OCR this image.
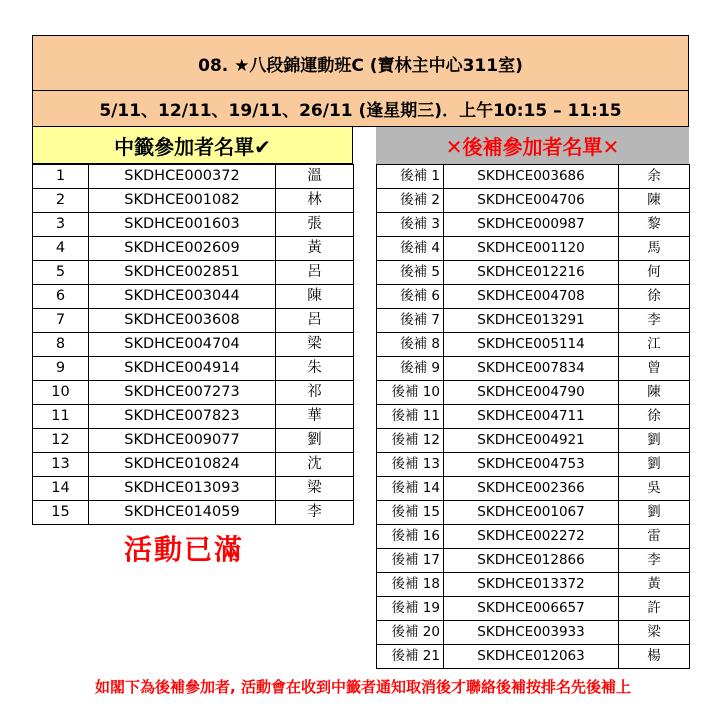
08. ★八段錦運動班C (寶林主中心311室)
5/11、12/11、19/11、26/11 (逢星期三)．上午10:15 – 11:15
中籤參加者名單✔	✕後補參加者名單✕
1	SKDHCE000372	溫
2	SKDHCE001082	林
3	SKDHCE001603	張
4	SKDHCE002609	黃
5	SKDHCE002851	呂
6	SKDHCE003044	陳
7	SKDHCE003608	呂
8	SKDHCE004704	梁
9	SKDHCE004914	朱
10	SKDHCE007273	祁
11	SKDHCE007823	華
12	SKDHCE009077	劉
13	SKDHCE010824	沈
14	SKDHCE013093	梁
15	SKDHCE014059	李
後補 1	SKDHCE003686	余
後補 2	SKDHCE004706	陳
後補 3	SKDHCE000987	黎
後補 4	SKDHCE001120	馬
後補 5	SKDHCE012216	何
後補 6	SKDHCE004708	徐
後補 7	SKDHCE013291	李
後補 8	SKDHCE005114	江
後補 9	SKDHCE007834	曾
後補 10	SKDHCE004790	陳
後補 11	SKDHCE004711	徐
後補 12	SKDHCE004921	劉
後補 13	SKDHCE004753	劉
後補 14	SKDHCE002366	吳
後補 15	SKDHCE001067	劉
後補 16	SKDHCE002272	雷
後補 17	SKDHCE012866	李
後補 18	SKDHCE013372	黃
後補 19	SKDHCE006657	許
後補 20	SKDHCE003933	梁
後補 21	SKDHCE012063	楊
活動已滿
如閣下為後補參加者, 活動會在收到中籤者通知取消後才聯絡後補按排名先後補上
